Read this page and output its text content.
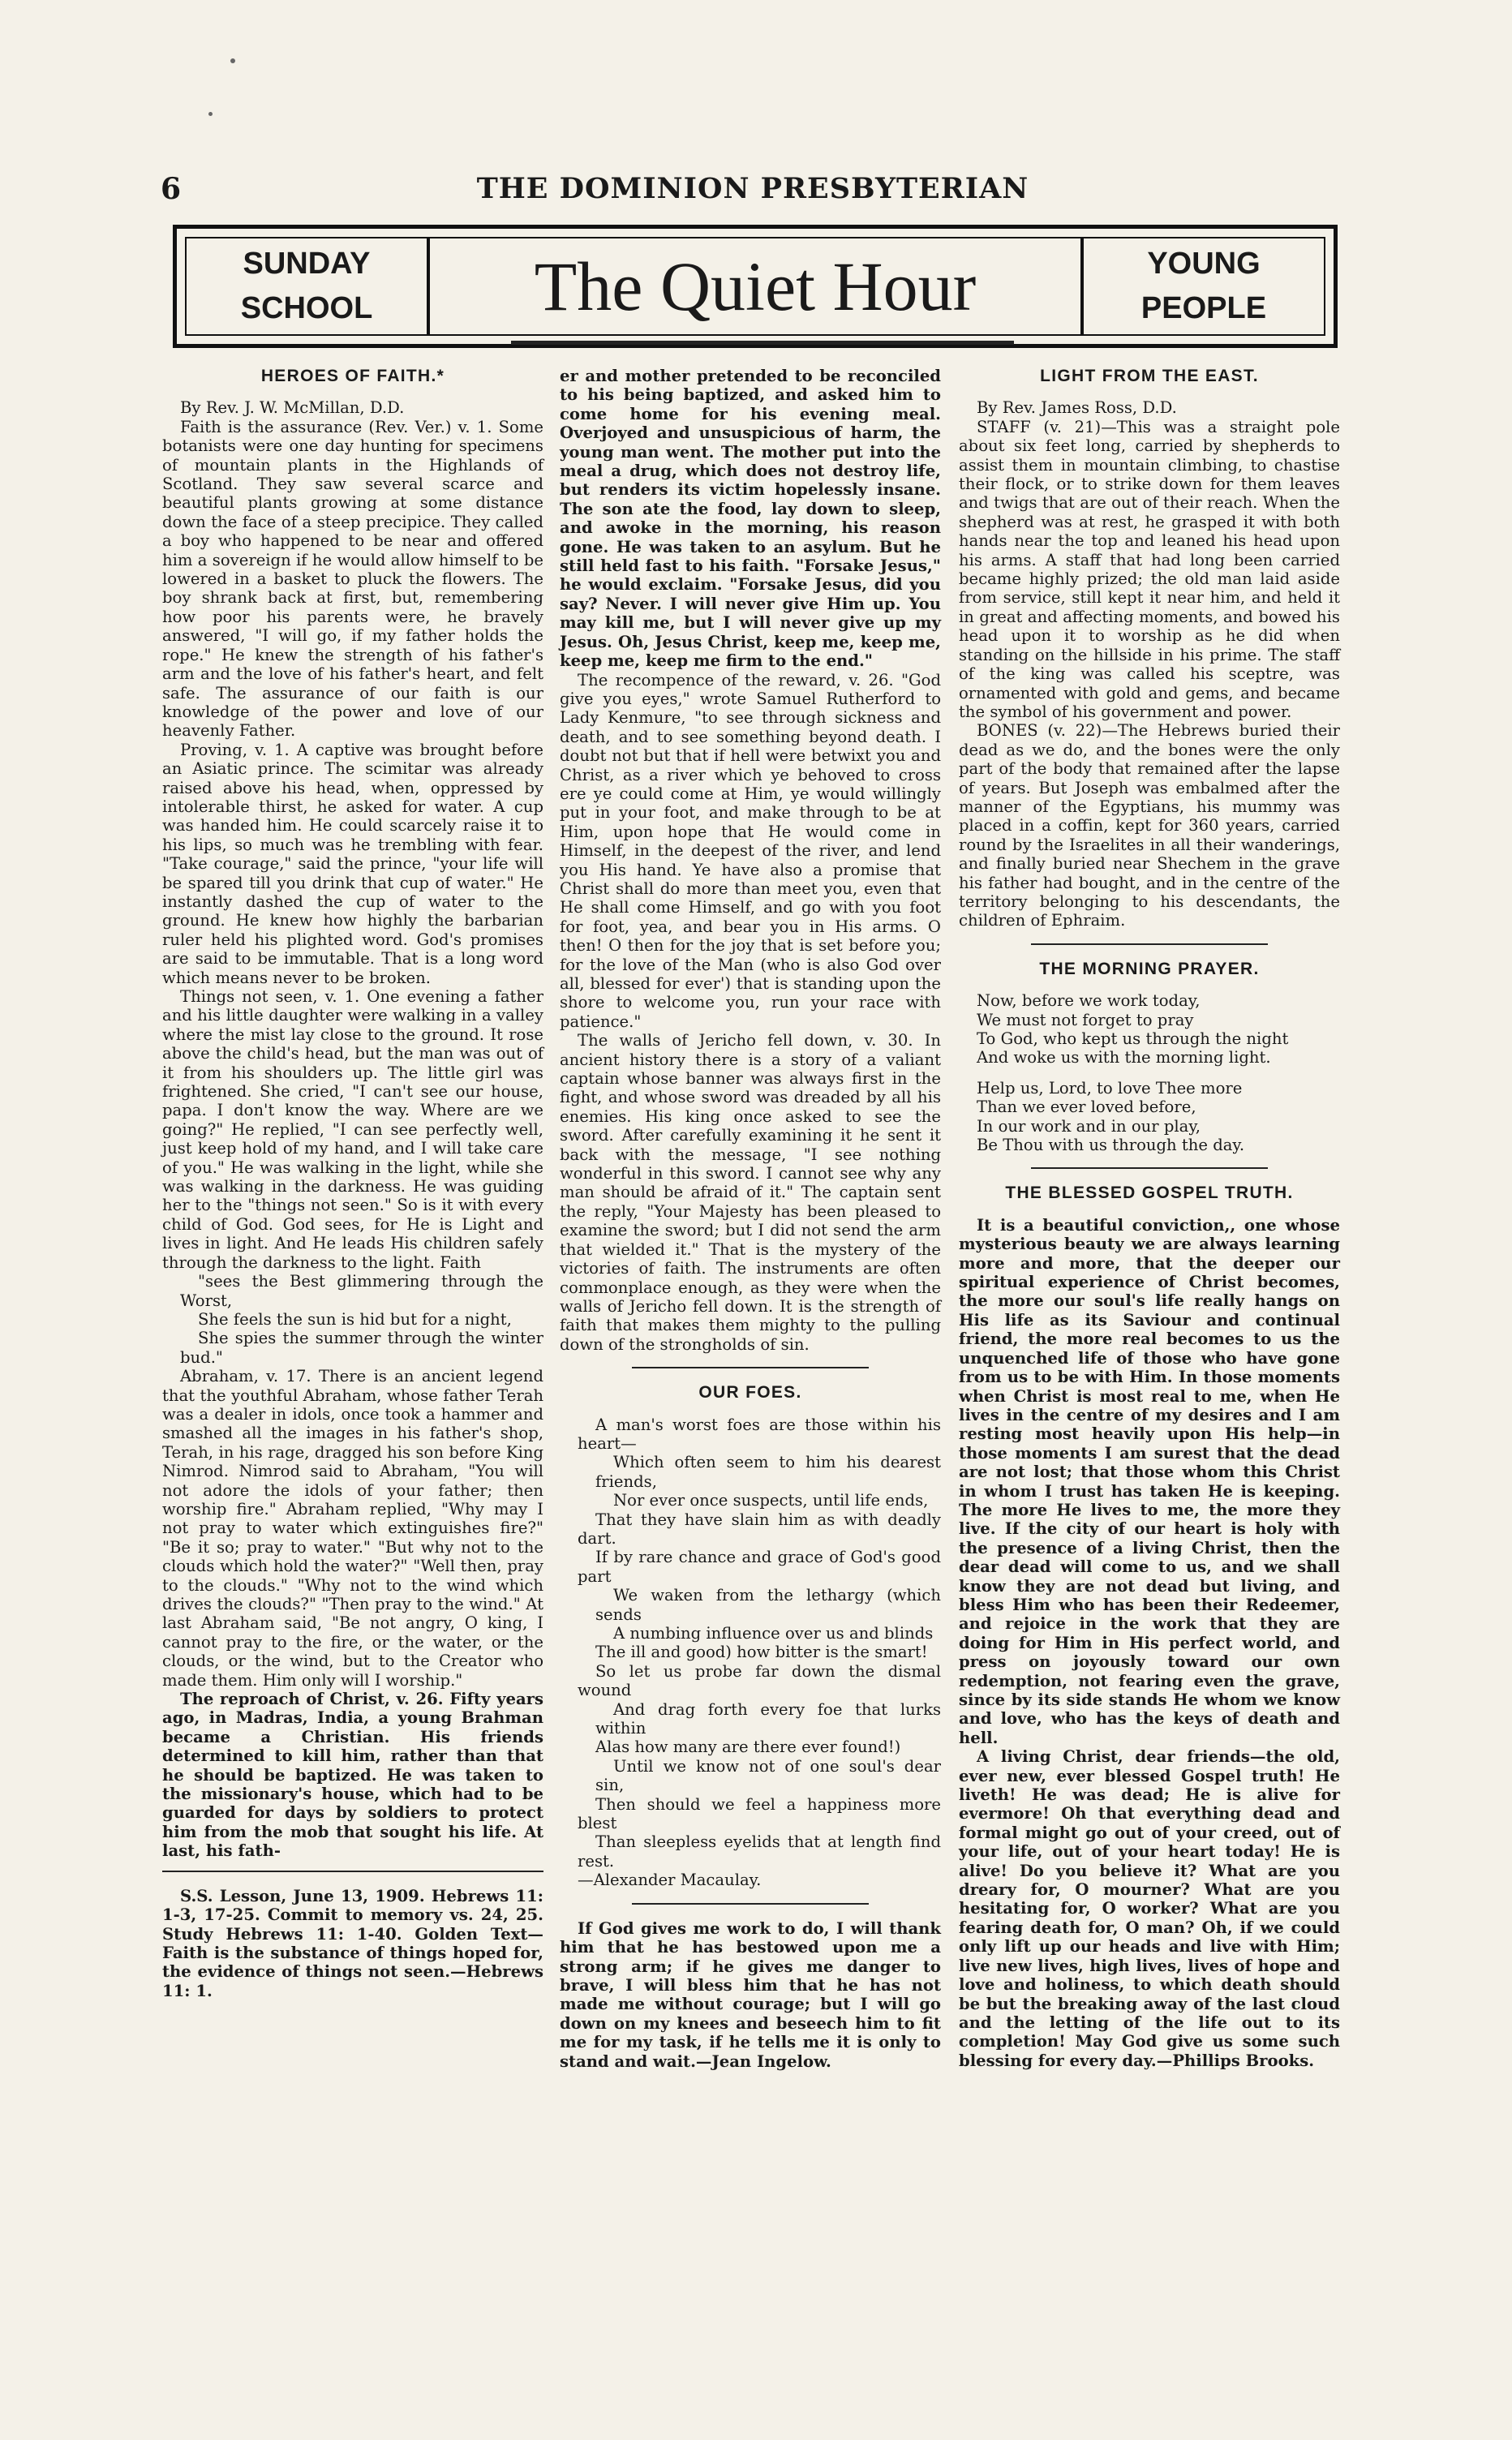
6	THE DOMINION PRESBYTERIAN
SUNDAY
SCHOOL	The Quiet Hour	YOUNG
PEOPLE
HEROES OF FAITH.*

By Rev. J. W. McMillan, D.D.

Faith is the assurance (Rev. Ver.) v. 1. Some botanists were one day hunting for specimens of mountain plants in the Highlands of Scotland. They saw several scarce and beautiful plants growing at some distance down the face of a steep precipice. They called a boy who happened to be near and offered him a sovereign if he would allow himself to be lowered in a basket to pluck the flowers. The boy shrank back at first, but, remembering how poor his parents were, he bravely answered, "I will go, if my father holds the rope." He knew the strength of his father's arm and the love of his father's heart, and felt safe. The assurance of our faith is our knowledge of the power and love of our heavenly Father.

Proving, v. 1. A captive was brought before an Asiatic prince. The scimitar was already raised above his head, when, oppressed by intolerable thirst, he asked for water. A cup was handed him. He could scarcely raise it to his lips, so much was he trembling with fear. "Take courage," said the prince, "your life will be spared till you drink that cup of water." He instantly dashed the cup of water to the ground. He knew how highly the barbarian ruler held his plighted word. God's promises are said to be immutable. That is a long word which means never to be broken.

Things not seen, v. 1. One evening a father and his little daughter were walking in a valley where the mist lay close to the ground. It rose above the child's head, but the man was out of it from his shoulders up. The little girl was frightened. She cried, "I can't see our house, papa. I don't know the way. Where are we going?" He replied, "I can see perfectly well, just keep hold of my hand, and I will take care of you." He was walking in the light, while she was walking in the darkness. He was guiding her to the "things not seen." So is it with every child of God. God sees, for He is Light and lives in light. And He leads His children safely through the darkness to the light. Faith

"sees the Best glimmering through the Worst,

She feels the sun is hid but for a night,

She spies the summer through the winter bud."

Abraham, v. 17. There is an ancient legend that the youthful Abraham, whose father Terah was a dealer in idols, once took a hammer and smashed all the images in his father's shop, Terah, in his rage, dragged his son before King Nimrod. Nimrod said to Abraham, "You will not adore the idols of your father; then worship fire." Abraham replied, "Why may I not pray to water which extinguishes fire?" "Be it so; pray to water." "But why not to the clouds which hold the water?" "Well then, pray to the clouds." "Why not to the wind which drives the clouds?" "Then pray to the wind." At last Abraham said, "Be not angry, O king, I cannot pray to the fire, or the water, or the clouds, or the wind, but to the Creator who made them. Him only will I worship."

The reproach of Christ, v. 26. Fifty years ago, in Madras, India, a young Brahman became a Christian. His friends determined to kill him, rather than that he should be baptized. He was taken to the missionary's house, which had to be guarded for days by soldiers to protect him from the mob that sought his life. At last, his fath-

S.S. Lesson, June 13, 1909. Hebrews 11: 1-3, 17-25. Commit to memory vs. 24, 25. Study Hebrews 11: 1-40. Golden Text—Faith is the substance of things hoped for, the evidence of things not seen.—Hebrews 11: 1.

er and mother pretended to be reconciled to his being baptized, and asked him to come home for his evening meal. Overjoyed and unsuspicious of harm, the young man went. The mother put into the meal a drug, which does not destroy life, but renders its victim hopelessly insane. The son ate the food, lay down to sleep, and awoke in the morning, his reason gone. He was taken to an asylum. But he still held fast to his faith. "Forsake Jesus," he would exclaim. "Forsake Jesus, did you say? Never. I will never give Him up. You may kill me, but I will never give up my Jesus. Oh, Jesus Christ, keep me, keep me, keep me, keep me firm to the end."

The recompence of the reward, v. 26. "God give you eyes," wrote Samuel Rutherford to Lady Kenmure, "to see through sickness and death, and to see something beyond death. I doubt not but that if hell were betwixt you and Christ, as a river which ye behoved to cross ere ye could come at Him, ye would willingly put in your foot, and make through to be at Him, upon hope that He would come in Himself, in the deepest of the river, and lend you His hand. Ye have also a promise that Christ shall do more than meet you, even that He shall come Himself, and go with you foot for foot, yea, and bear you in His arms. O then! O then for the joy that is set before you; for the love of the Man (who is also God over all, blessed for ever') that is standing upon the shore to welcome you, run your race with patience."

The walls of Jericho fell down, v. 30. In ancient history there is a story of a valiant captain whose banner was always first in the fight, and whose sword was dreaded by all his enemies. His king once asked to see the sword. After carefully examining it he sent it back with the message, "I see nothing wonderful in this sword. I cannot see why any man should be afraid of it." The captain sent the reply, "Your Majesty has been pleased to examine the sword; but I did not send the arm that wielded it." That is the mystery of the victories of faith. The instruments are often commonplace enough, as they were when the walls of Jericho fell down. It is the strength of faith that makes them mighty to the pulling down of the strongholds of sin.

OUR FOES.

A man's worst foes are those within his heart—

Which often seem to him his dearest friends,

Nor ever once suspects, until life ends,

That they have slain him as with deadly dart.

If by rare chance and grace of God's good part

We waken from the lethargy (which sends

A numbing influence over us and blinds

The ill and good) how bitter is the smart!

So let us probe far down the dismal wound

And drag forth every foe that lurks within

Alas how many are there ever found!)

Until we know not of one soul's dear sin,

Then should we feel a happiness more blest

Than sleepless eyelids that at length find rest.

—Alexander Macaulay.

If God gives me work to do, I will thank him that he has bestowed upon me a strong arm; if he gives me danger to brave, I will bless him that he has not made me without courage; but I will go down on my knees and beseech him to fit me for my task, if he tells me it is only to stand and wait.—Jean Ingelow.

LIGHT FROM THE EAST.

By Rev. James Ross, D.D.

STAFF (v. 21)—This was a straight pole about six feet long, carried by shepherds to assist them in mountain climbing, to chastise their flock, or to strike down for them leaves and twigs that are out of their reach. When the shepherd was at rest, he grasped it with both hands near the top and leaned his head upon his arms. A staff that had long been carried became highly prized; the old man laid aside from service, still kept it near him, and held it in great and affecting moments, and bowed his head upon it to worship as he did when standing on the hillside in his prime. The staff of the king was called his sceptre, was ornamented with gold and gems, and became the symbol of his government and power.

BONES (v. 22)—The Hebrews buried their dead as we do, and the bones were the only part of the body that remained after the lapse of years. But Joseph was embalmed after the manner of the Egyptians, his mummy was placed in a coffin, kept for 360 years, carried round by the Israelites in all their wanderings, and finally buried near Shechem in the grave his father had bought, and in the centre of the territory belonging to his descendants, the children of Ephraim.

THE MORNING PRAYER.

Now, before we work today,

We must not forget to pray

To God, who kept us through the night

And woke us with the morning light.

Help us, Lord, to love Thee more

Than we ever loved before,

In our work and in our play,

Be Thou with us through the day.

THE BLESSED GOSPEL TRUTH.

It is a beautiful conviction,, one whose mysterious beauty we are always learning more and more, that the deeper our spiritual experience of Christ becomes, the more our soul's life really hangs on His life as its Saviour and continual friend, the more real becomes to us the unquenched life of those who have gone from us to be with Him. In those moments when Christ is most real to me, when He lives in the centre of my desires and I am resting most heavily upon His help—in those moments I am surest that the dead are not lost; that those whom this Christ in whom I trust has taken He is keeping. The more He lives to me, the more they live. If the city of our heart is holy with the presence of a living Christ, then the dear dead will come to us, and we shall know they are not dead but living, and bless Him who has been their Redeemer, and rejoice in the work that they are doing for Him in His perfect world, and press on joyously toward our own redemption, not fearing even the grave, since by its side stands He whom we know and love, who has the keys of death and hell.

A living Christ, dear friends—the old, ever new, ever blessed Gospel truth! He liveth! He was dead; He is alive for evermore! Oh that everything dead and formal might go out of your creed, out of your life, out of your heart today! He is alive! Do you believe it? What are you dreary for, O mourner? What are you hesitating for, O worker? What are you fearing death for, O man? Oh, if we could only lift up our heads and live with Him; live new lives, high lives, lives of hope and love and holiness, to which death should be but the breaking away of the last cloud and the letting of the life out to its completion! May God give us some such blessing for every day.—Phillips Brooks.
